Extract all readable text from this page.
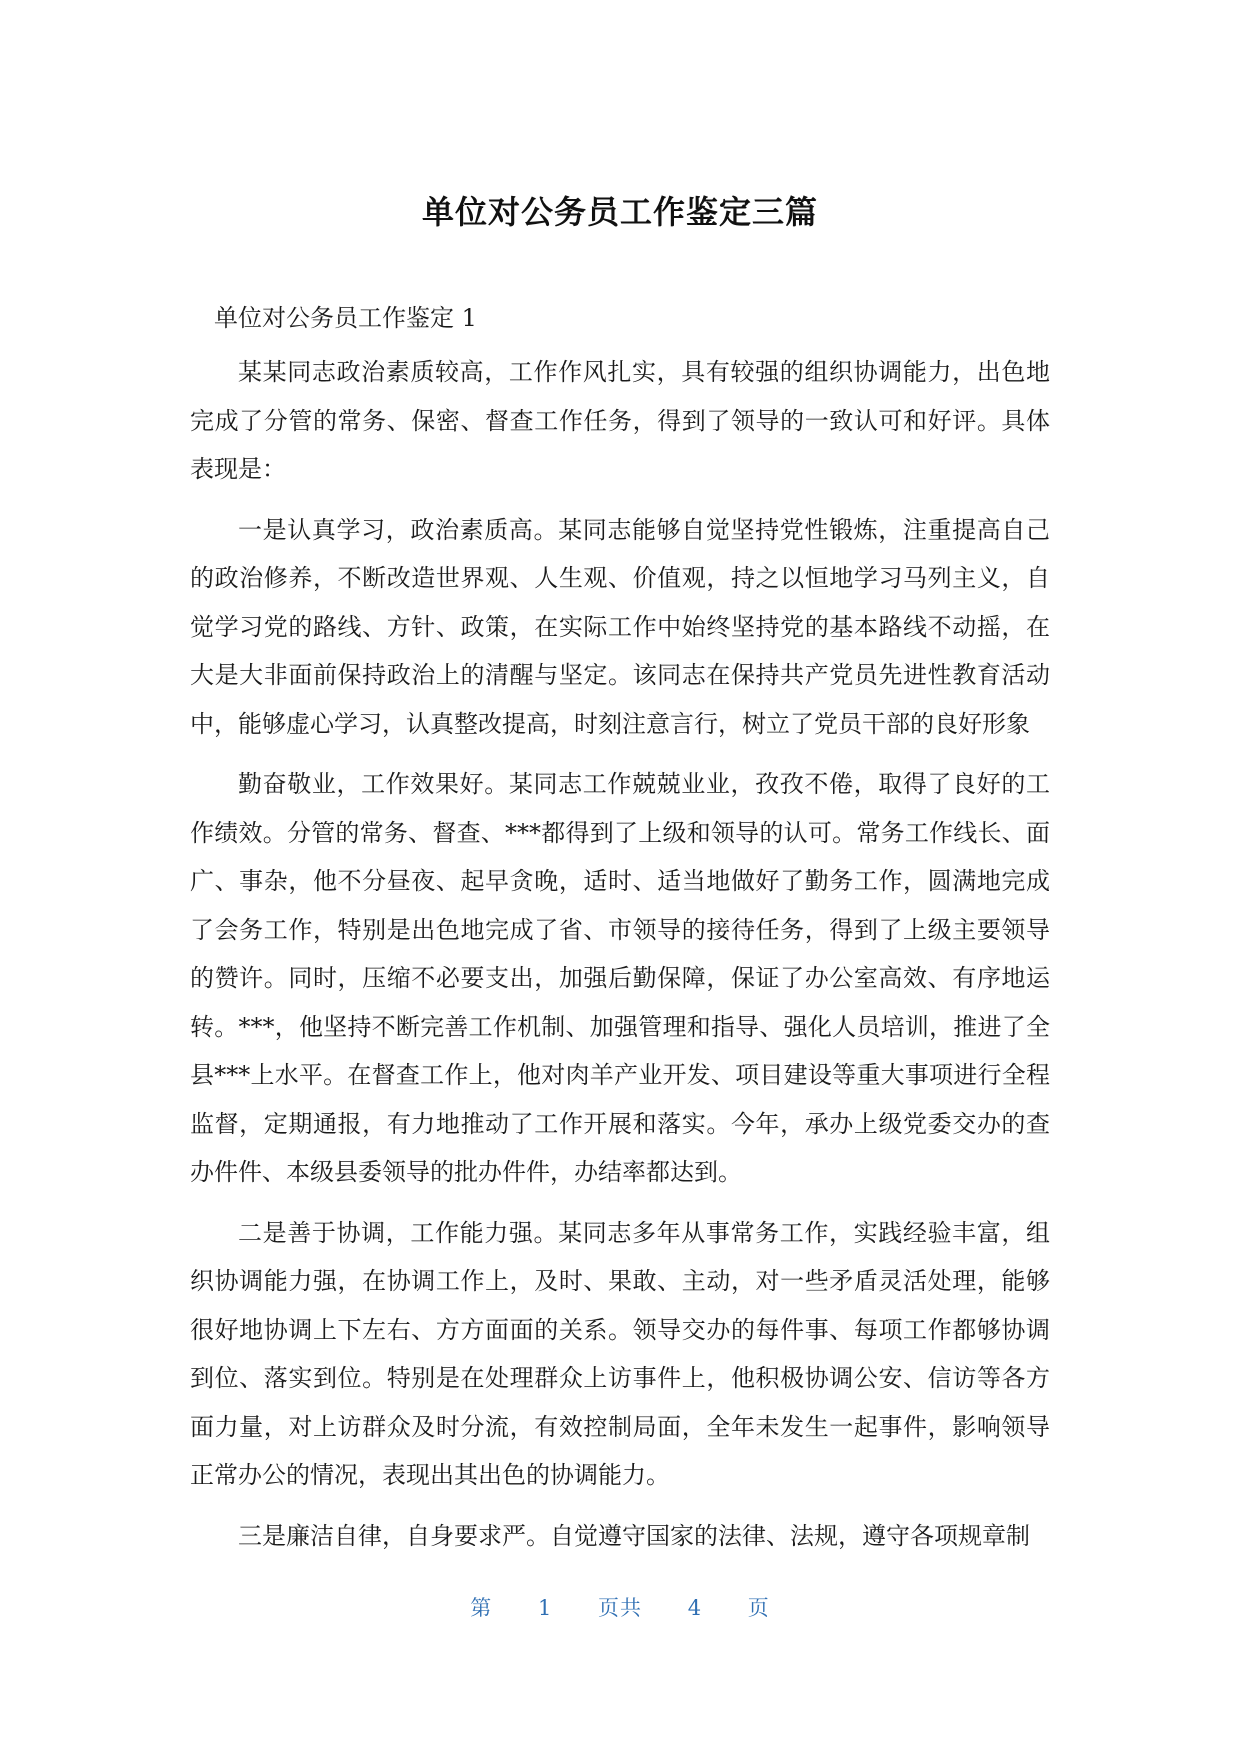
单位对公务员工作鉴定三篇

单位对公务员工作鉴定 1

某某同志政治素质较高，工作作风扎实，具有较强的组织协调能力，出色地完成了分管的常务、保密、督查工作任务，得到了领导的一致认可和好评。具体表现是：

一是认真学习，政治素质高。某同志能够自觉坚持党性锻炼，注重提高自己的政治修养，不断改造世界观、人生观、价值观，持之以恒地学习马列主义，自觉学习党的路线、方针、政策，在实际工作中始终坚持党的基本路线不动摇，在大是大非面前保持政治上的清醒与坚定。该同志在保持共产党员先进性教育活动中，能够虚心学习，认真整改提高，时刻注意言行，树立了党员干部的良好形象

勤奋敬业，工作效果好。某同志工作兢兢业业，孜孜不倦，取得了良好的工作绩效。分管的常务、督查、***都得到了上级和领导的认可。常务工作线长、面广、事杂，他不分昼夜、起早贪晚，适时、适当地做好了勤务工作，圆满地完成了会务工作，特别是出色地完成了省、市领导的接待任务，得到了上级主要领导的赞许。同时，压缩不必要支出，加强后勤保障，保证了办公室高效、有序地运转。***，他坚持不断完善工作机制、加强管理和指导、强化人员培训，推进了全县***上水平。在督查工作上，他对肉羊产业开发、项目建设等重大事项进行全程监督，定期通报，有力地推动了工作开展和落实。今年，承办上级党委交办的查办件件、本级县委领导的批办件件，办结率都达到。

二是善于协调，工作能力强。某同志多年从事常务工作，实践经验丰富，组织协调能力强，在协调工作上，及时、果敢、主动，对一些矛盾灵活处理，能够很好地协调上下左右、方方面面的关系。领导交办的每件事、每项工作都够协调到位、落实到位。特别是在处理群众上访事件上，他积极协调公安、信访等各方面力量，对上访群众及时分流，有效控制局面，全年未发生一起事件，影响领导正常办公的情况，表现出其出色的协调能力。

三是廉洁自律，自身要求严。自觉遵守国家的法律、法规，遵守各项规章制

第 1 页共 4 页
